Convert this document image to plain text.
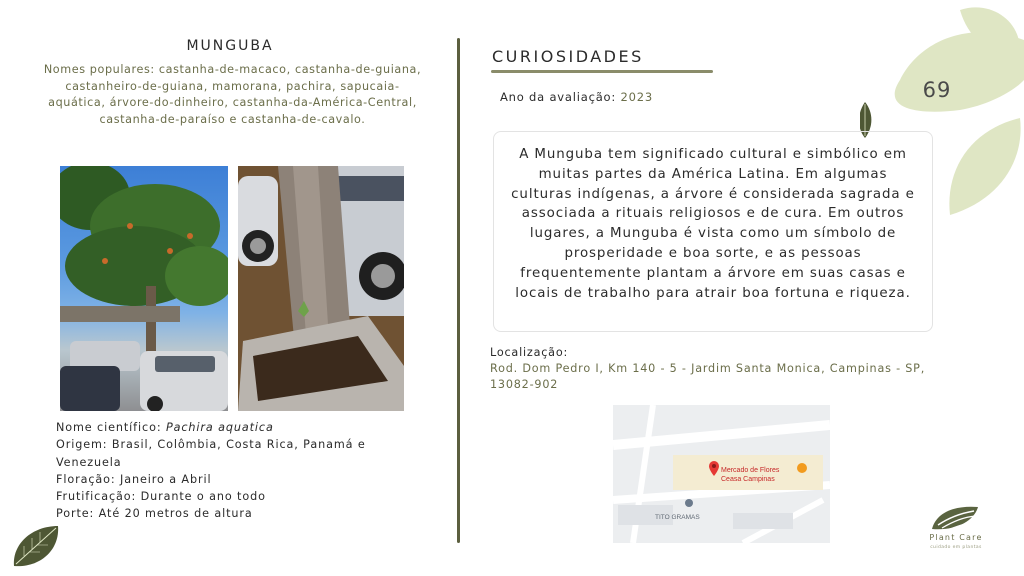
69
MUNGUBA
Nomes populares: castanha-de-macaco, castanha-de-guiana, castanheiro-de-guiana, mamorana, pachira, sapucaia-aquática, árvore-do-dinheiro, castanha-da-América-Central, castanha-de-paraíso e castanha-de-cavalo.
Nome científico: Pachira aquatica
Origem: Brasil, Colômbia, Costa Rica, Panamá e Venezuela
Floração: Janeiro a Abril
Frutificação: Durante o ano todo
Porte: Até 20 metros de altura
CURIOSIDADES
Ano da avaliação: 2023

A Munguba tem significado cultural e simbólico em muitas partes da América Latina. Em algumas culturas indígenas, a árvore é considerada sagrada e associada a rituais religiosos e de cura. Em outros lugares, a Munguba é vista como um símbolo de prosperidade e boa sorte, e as pessoas frequentemente plantam a árvore em suas casas e locais de trabalho para atrair boa fortuna e riqueza.

Localização:
Rod. Dom Pedro I, Km 140 - 5 - Jardim Santa Monica, Campinas - SP, 13082-902
Mercado de Flores
Ceasa Campinas
TITO GRAMAS
Plant Care
cuidado em plantas
